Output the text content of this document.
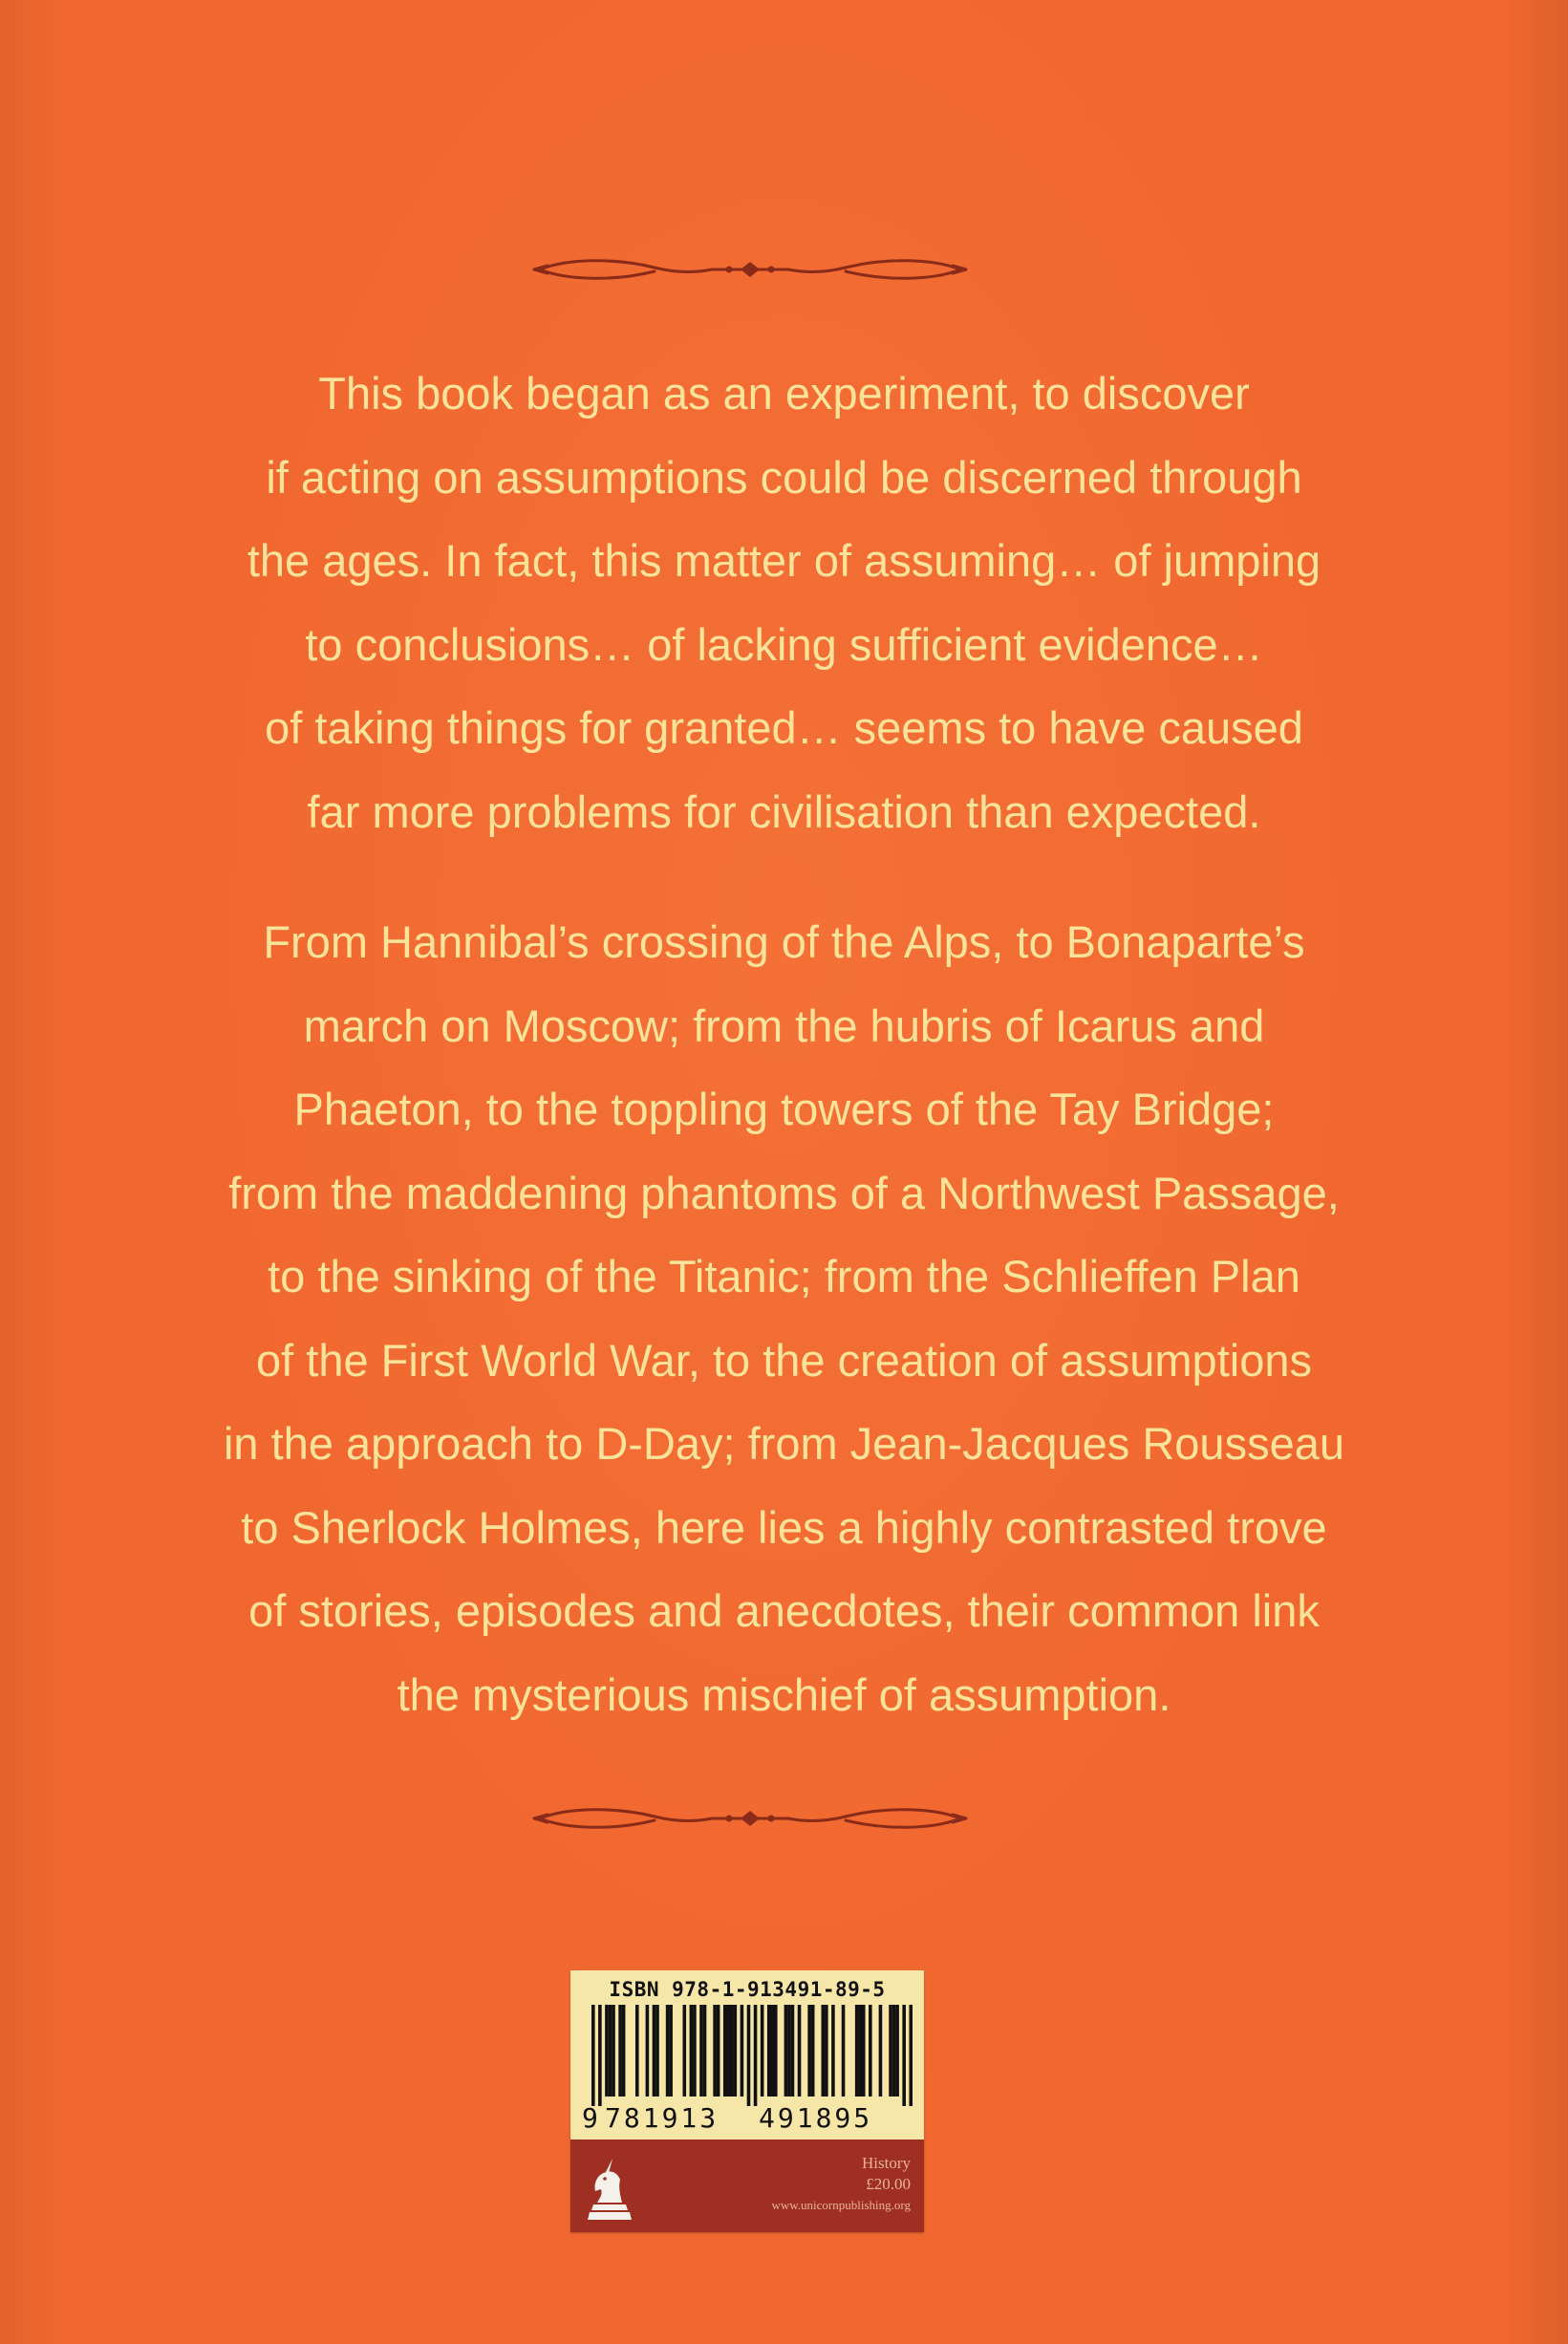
This book began as an experiment, to discover
if acting on assumptions could be discerned through
the ages. In fact, this matter of assuming… of jumping
to conclusions… of lacking sufficient evidence…
of taking things for granted… seems to have caused
far more problems for civilisation than expected.

From Hannibal’s crossing of the Alps, to Bonaparte’s
march on Moscow; from the hubris of Icarus and
Phaeton, to the toppling towers of the Tay Bridge;
from the maddening phantoms of a Northwest Passage,
to the sinking of the Titanic; from the Schlieffen Plan
of the First World War, to the creation of assumptions
in the approach to D-Day; from Jean-Jacques Rousseau
to Sherlock Holmes, here lies a highly contrasted trove
of stories, episodes and anecdotes, their common link
the mysterious mischief of assumption.

ISBN 978-1-913491-89-5
9 781913 491895
History
£20.00
www.unicornpublishing.org
